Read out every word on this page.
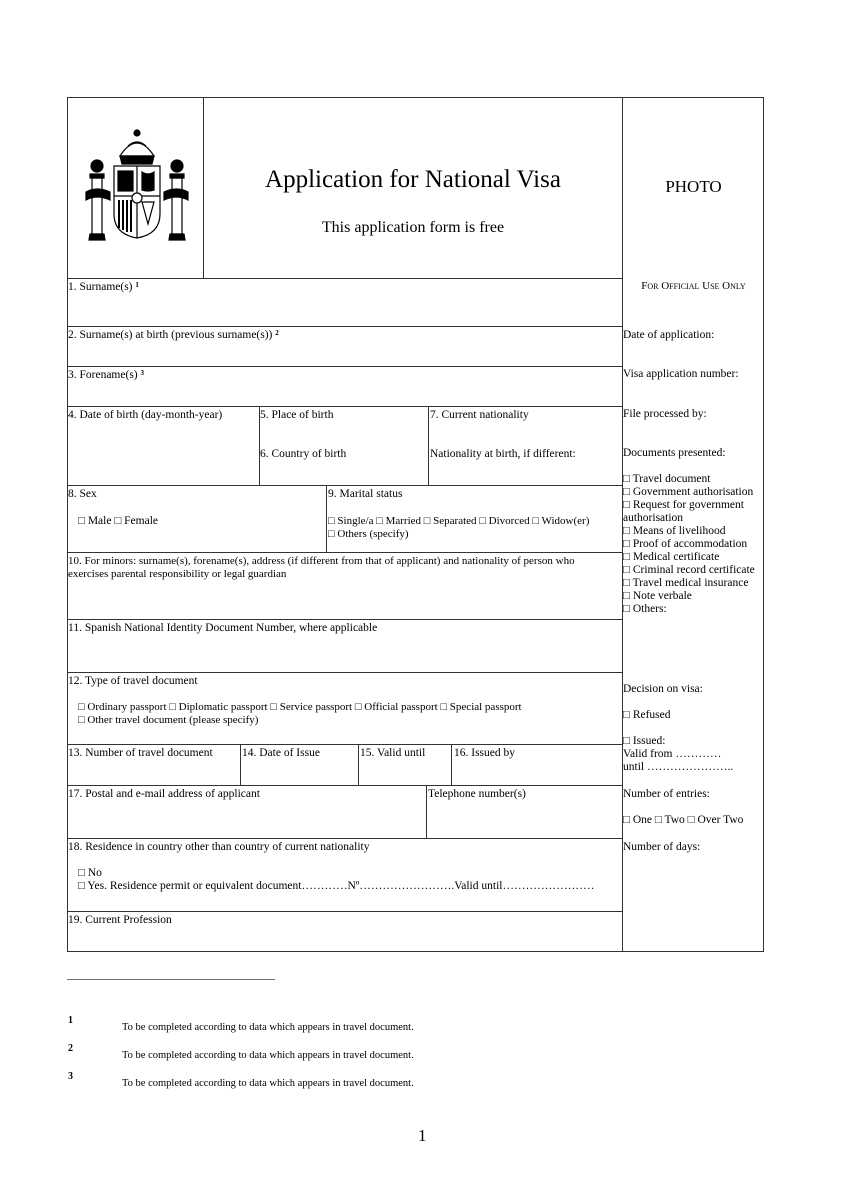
Application for National Visa
This application form is free
PHOTO
1. Surname(s) $^1$
2. Surname(s) at birth (previous surname(s)) $^2$
3. Forename(s) $^3$
4. Date of birth (day-month-year)	5. Place of birth
6. Country of birth
7. Current nationality
Nationality at birth, if different:
8. Sex
□ Male □ Female
9. Marital status
□ Single/a □ Married □ Separated □ Divorced □ Widow(er)
□ Others (specify)
10. For minors: surname(s), forename(s), address (if different from that of applicant) and nationality of person who
exercises parental responsibility or legal guardian
11. Spanish National Identity Document Number, where applicable
12. Type of travel document
□ Ordinary passport □ Diplomatic passport □ Service passport □ Official passport □ Special passport
□ Other travel document (please specify)
13. Number of travel document	14. Date of Issue	15. Valid until 16. Issued by
17. Postal and e-mail address of applicant	Telephone number(s)
18. Residence in country other than country of current nationality
□ No
□ Yes. Residence permit or equivalent document…………Nº…………………….Valid until……………………
19. Current Profession
For Official Use Only
Date of application:
Visa application number:
File processed by:
Documents presented:
□ Travel document
□ Government authorisation
□ Request for government
authorisation
□ Means of livelihood
□ Proof of accommodation
□ Medical certificate
□ Criminal record certificate
□ Travel medical insurance
□ Note verbale
□ Others:
Decision on visa:
□ Refused
□ Issued:
Valid from …………
until …………………..
Number of entries:
□ One □ Two □ Over Two
Number of days:
1
To be completed according to data which appears in travel document.
2
To be completed according to data which appears in travel document.
3
To be completed according to data which appears in travel document.
1
